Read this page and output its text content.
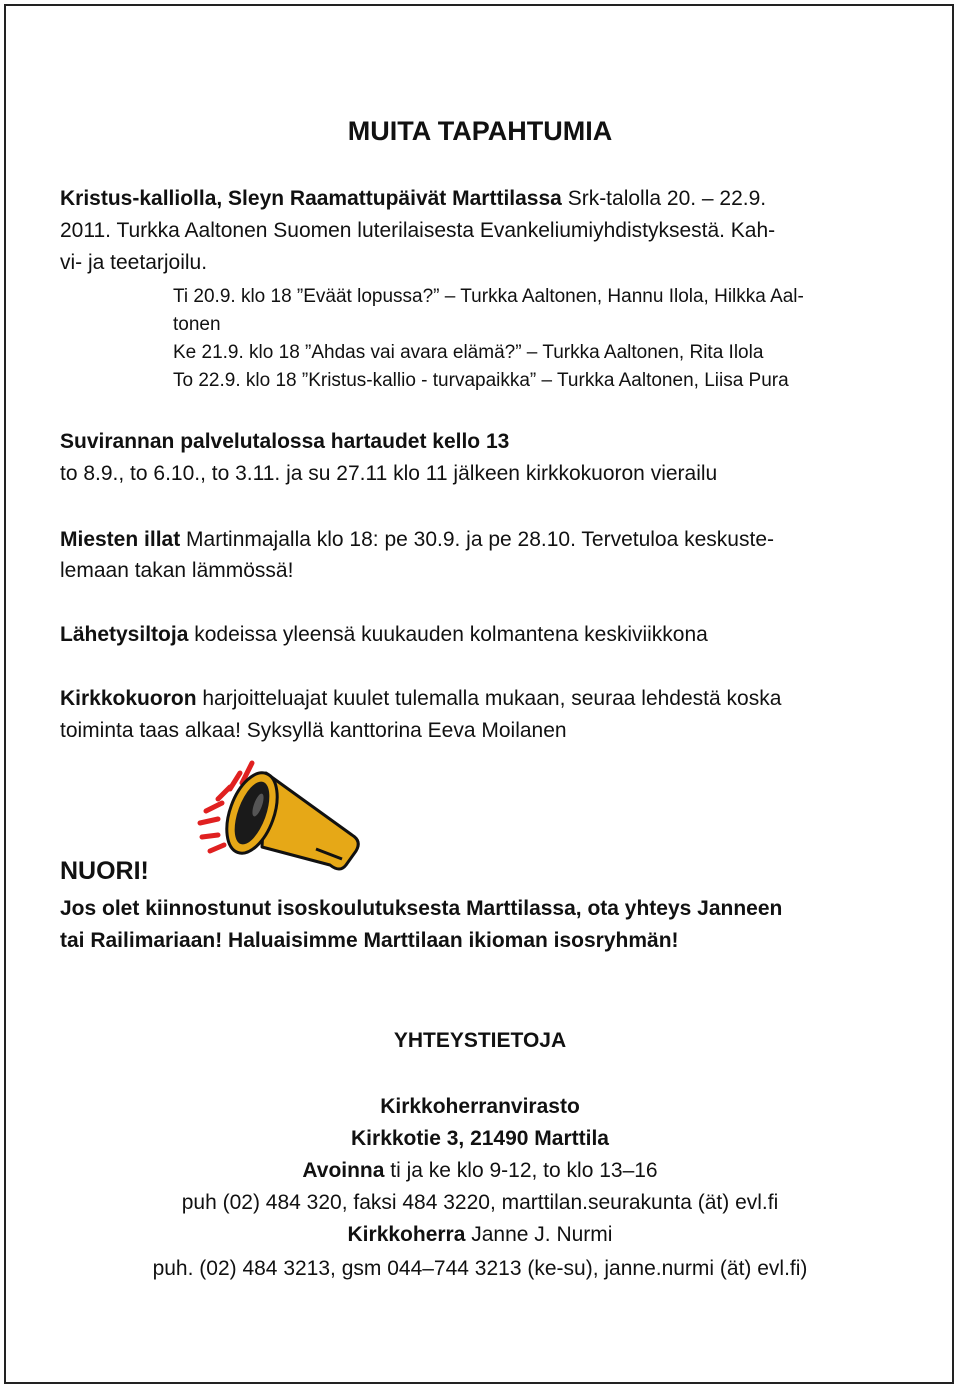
MUITA TAPAHTUMIA
Kristus-kalliolla, Sleyn Raamattupäivät Marttilassa Srk-talolla 20. – 22.9.
2011. Turkka Aaltonen Suomen luterilaisesta Evankeliumiyhdistyksestä. Kah-
vi- ja teetarjoilu.
Ti 20.9. klo 18 ”Eväät lopussa?” – Turkka Aaltonen, Hannu Ilola, Hilkka Aal-
tonen
Ke 21.9. klo 18 ”Ahdas vai avara elämä?” – Turkka Aaltonen, Rita Ilola
To 22.9. klo 18 ”Kristus-kallio - turvapaikka” – Turkka Aaltonen, Liisa Pura
Suvirannan palvelutalossa hartaudet kello 13
to 8.9., to 6.10., to 3.11. ja su 27.11 klo 11 jälkeen kirkkokuoron vierailu
Miesten illat Martinmajalla klo 18: pe 30.9. ja pe 28.10. Tervetuloa keskuste-
lemaan takan lämmössä!
Lähetysiltoja kodeissa yleensä kuukauden kolmantena keskiviikkona
Kirkkokuoron harjoitteluajat kuulet tulemalla mukaan, seuraa lehdestä koska
toiminta taas alkaa! Syksyllä kanttorina Eeva Moilanen
NUORI!
Jos olet kiinnostunut isoskoulutuksesta Marttilassa, ota yhteys Janneen
tai Railimariaan! Haluaisimme Marttilaan ikioman isosryhmän!
YHTEYSTIETOJA
Kirkkoherranvirasto
Kirkkotie 3, 21490 Marttila
Avoinna ti ja ke klo 9-12, to klo 13–16
puh (02) 484 320, faksi 484 3220, marttilan.seurakunta (ät) evl.fi
Kirkkoherra Janne J. Nurmi
puh. (02) 484 3213, gsm 044–744 3213 (ke-su), janne.nurmi (ät) evl.fi)
